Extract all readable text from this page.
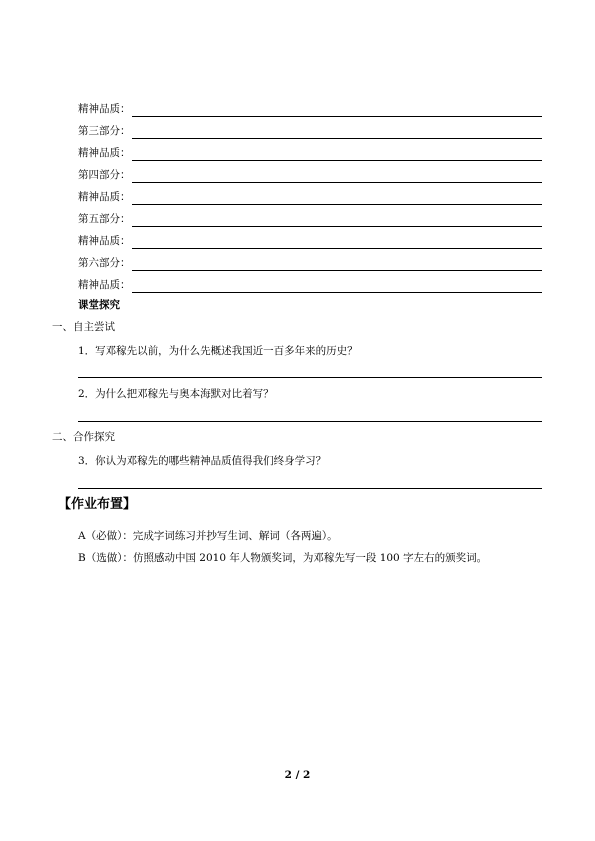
精神品质：
第三部分：
精神品质：
第四部分：
精神品质：
第五部分：
精神品质：
第六部分：
精神品质：
课堂探究
一、自主尝试
1．写邓稼先以前，为什么先概述我国近一百多年来的历史？
2．为什么把邓稼先与奥本海默对比着写？
二、合作探究
3．你认为邓稼先的哪些精神品质值得我们终身学习？
【作业布置】
A（必做）：完成字词练习并抄写生词、解词（各两遍）。
B（选做）：仿照感动中国 2010 年人物颁奖词，为邓稼先写一段 100 字左右的颁奖词。
2 / 2
